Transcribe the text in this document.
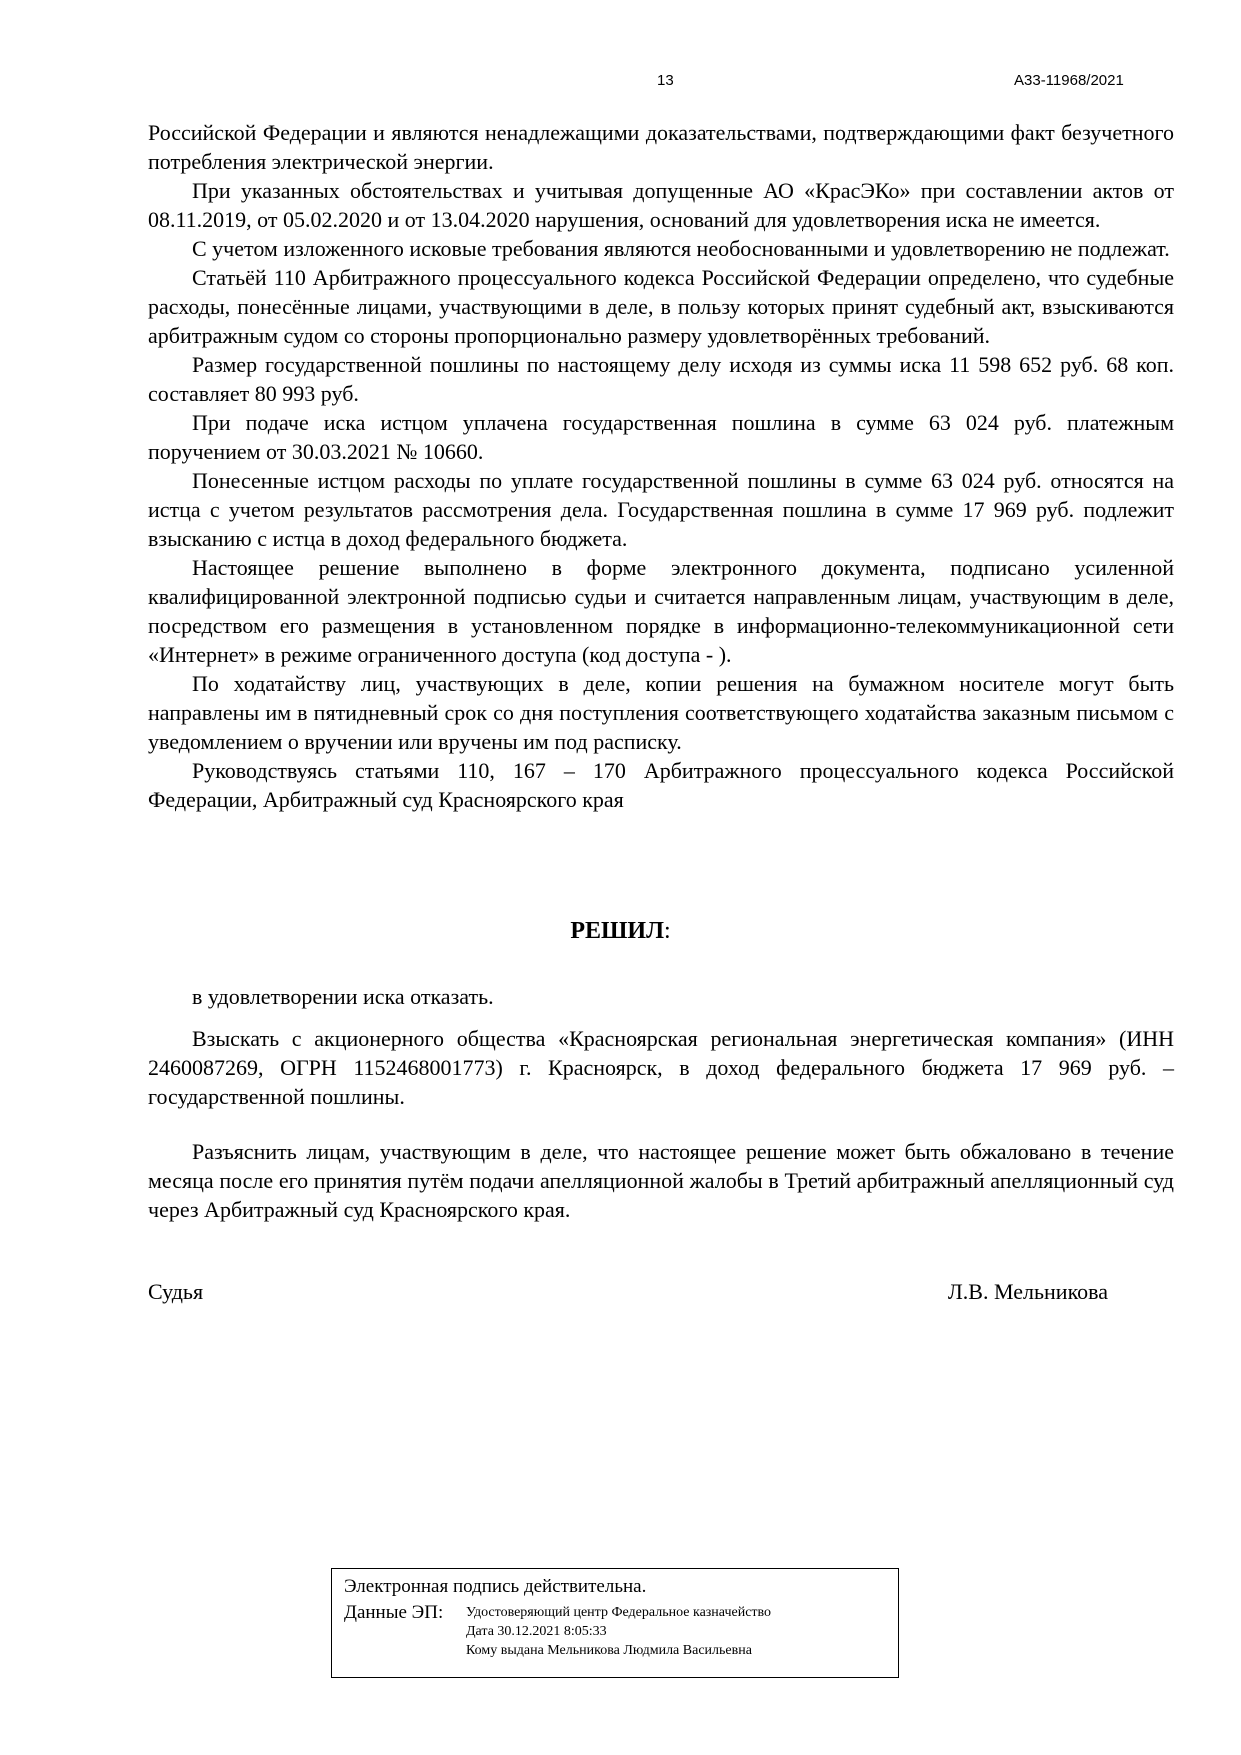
13	А33-11968/2021

Российской Федерации и являются ненадлежащими доказательствами, подтверждающими факт безучетного потребления электрической энергии.

При указанных обстоятельствах и учитывая допущенные АО «КрасЭКо» при составлении актов от 08.11.2019, от 05.02.2020 и от 13.04.2020 нарушения, оснований для удовлетворения иска не имеется.

С учетом изложенного исковые требования являются необоснованными и удовлетворению не подлежат.

Статьёй 110 Арбитражного процессуального кодекса Российской Федерации определено, что судебные расходы, понесённые лицами, участвующими в деле, в пользу которых принят судебный акт, взыскиваются арбитражным судом со стороны пропорционально размеру удовлетворённых требований.

Размер государственной пошлины по настоящему делу исходя из суммы иска 11 598 652 руб. 68 коп. составляет 80 993 руб.

При подаче иска истцом уплачена государственная пошлина в сумме 63 024 руб. платежным поручением от 30.03.2021 № 10660.

Понесенные истцом расходы по уплате государственной пошлины в сумме 63 024 руб. относятся на истца с учетом результатов рассмотрения дела. Государственная пошлина в сумме 17 969 руб. подлежит взысканию с истца в доход федерального бюджета.

Настоящее решение выполнено в форме электронного документа, подписано усиленной квалифицированной электронной подписью судьи и считается направленным лицам, участвующим в деле, посредством его размещения в установленном порядке в информационно-телекоммуникационной сети «Интернет» в режиме ограниченного доступа (код доступа - ).

По ходатайству лиц, участвующих в деле, копии решения на бумажном носителе могут быть направлены им в пятидневный срок со дня поступления соответствующего ходатайства заказным письмом с уведомлением о вручении или вручены им под расписку.

Руководствуясь статьями 110, 167 – 170 Арбитражного процессуального кодекса Российской Федерации, Арбитражный суд Красноярского края

РЕШИЛ:

в удовлетворении иска отказать.

Взыскать с акционерного общества «Красноярская региональная энергетическая компания» (ИНН 2460087269, ОГРН 1152468001773) г. Красноярск, в доход федерального бюджета 17 969 руб. – государственной пошлины.

Разъяснить лицам, участвующим в деле, что настоящее решение может быть обжаловано в течение месяца после его принятия путём подачи апелляционной жалобы в Третий арбитражный апелляционный суд через Арбитражный суд Красноярского края.

Судья	Л.В. Мельникова
Электронная подпись действительна.
Данные ЭП:	Удостоверяющий центр Федеральное казначейство
Дата 30.12.2021 8:05:33
Кому выдана Мельникова Людмила Васильевна
